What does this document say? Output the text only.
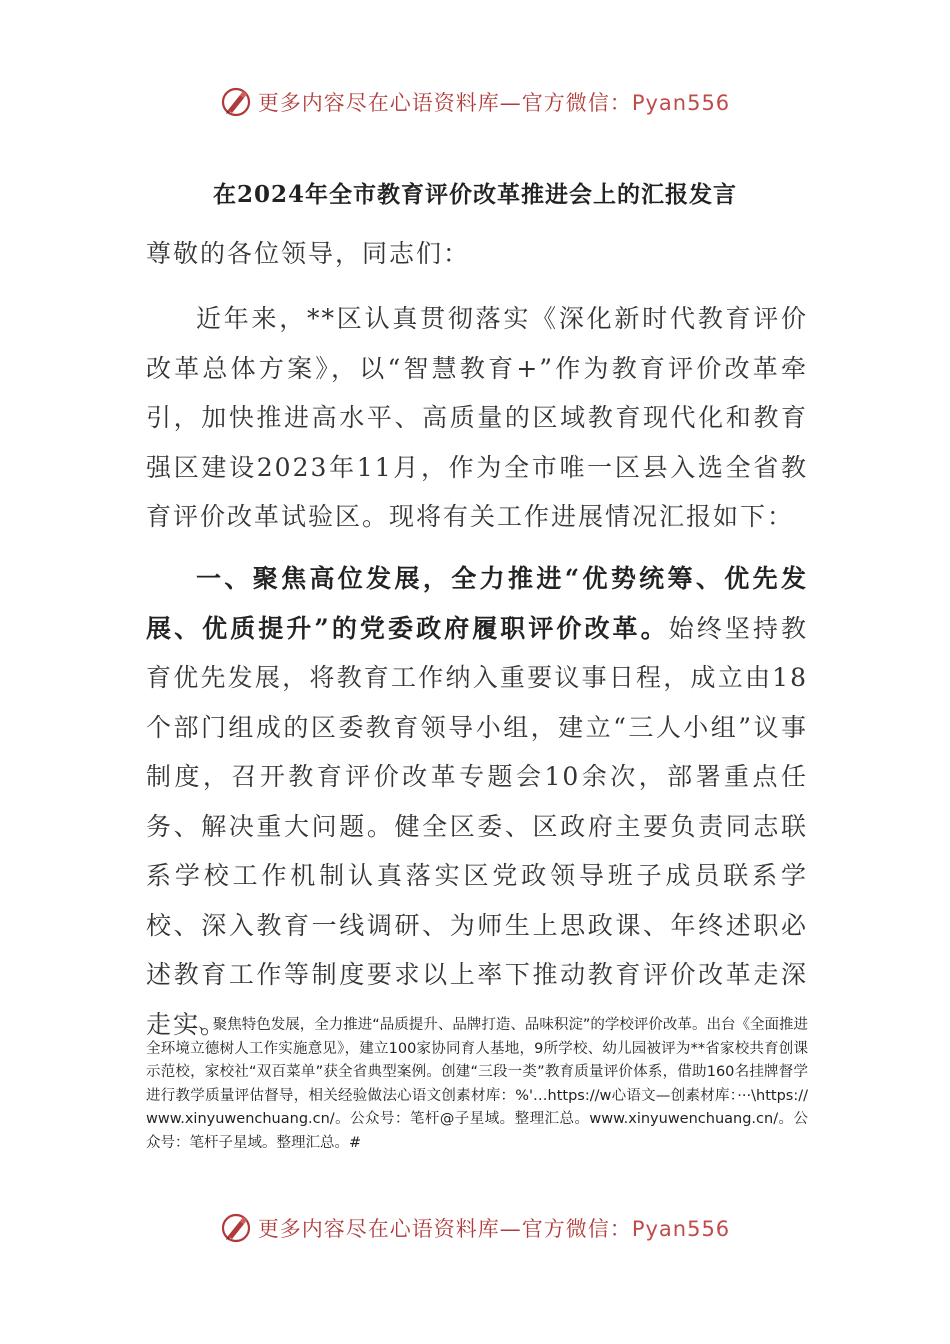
更多内容尽在心语资料库—官方微信：Pyan556
在2024年全市教育评价改革推进会上的汇报发言
尊敬的各位领导，同志们：

近年来，**区认真贯彻落实《深化新时代教育评价改革总体方案》，以“智慧教育+”作为教育评价改革牵引，加快推进高水平、高质量的区域教育现代化和教育强区建设2023年11月，作为全市唯一区县入选全省教育评价改革试验区。现将有关工作进展情况汇报如下：

一、聚焦高位发展，全力推进“优势统筹、优先发展、优质提升”的党委政府履职评价改革。始终坚持教育优先发展，将教育工作纳入重要议事日程，成立由18个部门组成的区委教育领导小组，建立“三人小组”议事制度，召开教育评价改革专题会10余次，部署重点任务、解决重大问题。健全区委、区政府主要负责同志联系学校工作机制认真落实区党政领导班子成员联系学校、深入教育一线调研、为师生上思政课、年终述职必述教育工作等制度要求以上率下推动教育评价改革走深走实。

二、聚焦特色发展，全力推进“品质提升、品牌打造、品味积淀”的学校评价改革。出台《全面推进全环境立德树人工作实施意见》，建立100家协同育人基地，9所学校、幼儿园被评为**省家校共育创课示范校，家校社“双百菜单”获全省典型案例。创建“三段一类”教育质量评价体系，借助160名挂牌督学进行教学质量评估督导，相关经验做法心语文创素材库：%'…https://w心语文—创素材库：···\https://www.xinyuwenchuang.cn/。公众号：笔杆@子星域。整理汇总。www.xinyuwenchuang.cn/。公众号：笔杆子星域。整理汇总。#

更多内容尽在心语资料库—官方微信：Pyan556
